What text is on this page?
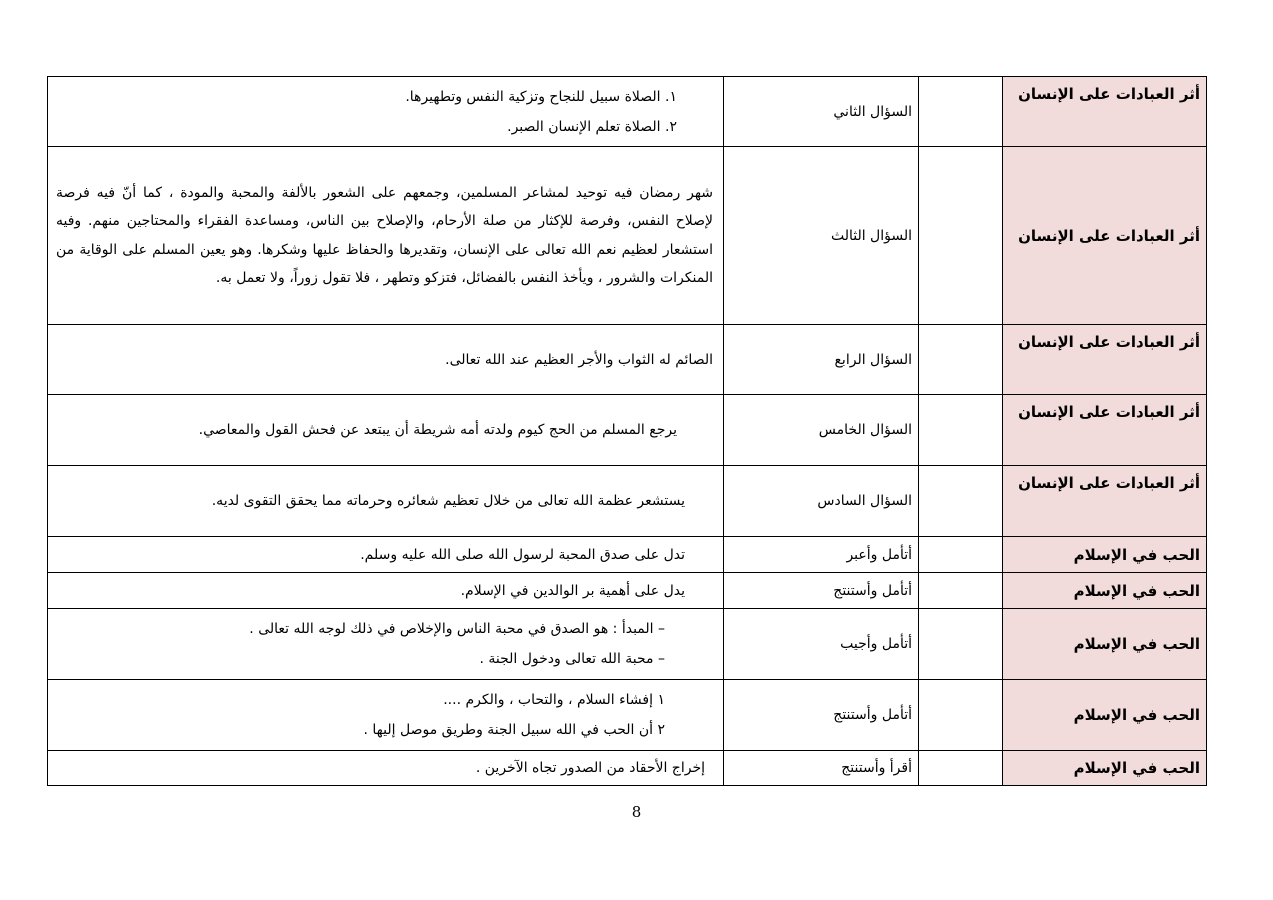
أثر العبادات على الإنسان		السؤال الثاني	١. الصلاة سبيل للنجاح وتزكية النفس وتطهيرها.
٢. الصلاة تعلم الإنسان الصبر.

أثر العبادات على الإنسان		السؤال الثالث	شهر رمضان فيه توحيد لمشاعر المسلمين، وجمعهم على الشعور بالألفة والمحبة والمودة ، كما أنّ فيه فرصة لإصلاح النفس، وفرصة للإكثار من صلة الأرحام، والإصلاح بين الناس، ومساعدة الفقراء والمحتاجين منهم. وفيه استشعار لعظيم نعم الله تعالى على الإنسان، وتقديرها والحفاظ عليها وشكرها. وهو يعين المسلم على الوقاية من المنكرات والشرور ، ويأخذ النفس بالفضائل، فتزكو وتطهر ، فلا تقول زوراً، ولا تعمل به.

أثر العبادات على الإنسان		السؤال الرابع	الصائم له الثواب والأجر العظيم عند الله تعالى.

أثر العبادات على الإنسان		السؤال الخامس	يرجع المسلم من الحج كيوم ولدته أمه شريطة أن يبتعد عن فحش القول والمعاصي.

أثر العبادات على الإنسان		السؤال السادس	يستشعر عظمة الله تعالى من خلال تعظيم شعائره وحرماته مما يحقق التقوى لديه.

الحب في الإسلام		أتأمل وأعبر	تدل على صدق المحبة لرسول الله صلى الله عليه وسلم.

الحب في الإسلام		أتأمل وأستنتج	يدل على أهمية بر الوالدين في الإسلام.

الحب في الإسلام		أتأمل وأجيب	– المبدأ : هو الصدق في محبة الناس والإخلاص في ذلك لوجه الله تعالى .
– محبة الله تعالى ودخول الجنة .

الحب في الإسلام		أتأمل وأستنتج	١ إفشاء السلام ، والتحاب ، والكرم ....
٢ أن الحب في الله سبيل الجنة وطريق موصل إليها .

الحب في الإسلام		أقرأ وأستنتج	إخراج الأحقاد من الصدور تجاه الآخرين .
8
